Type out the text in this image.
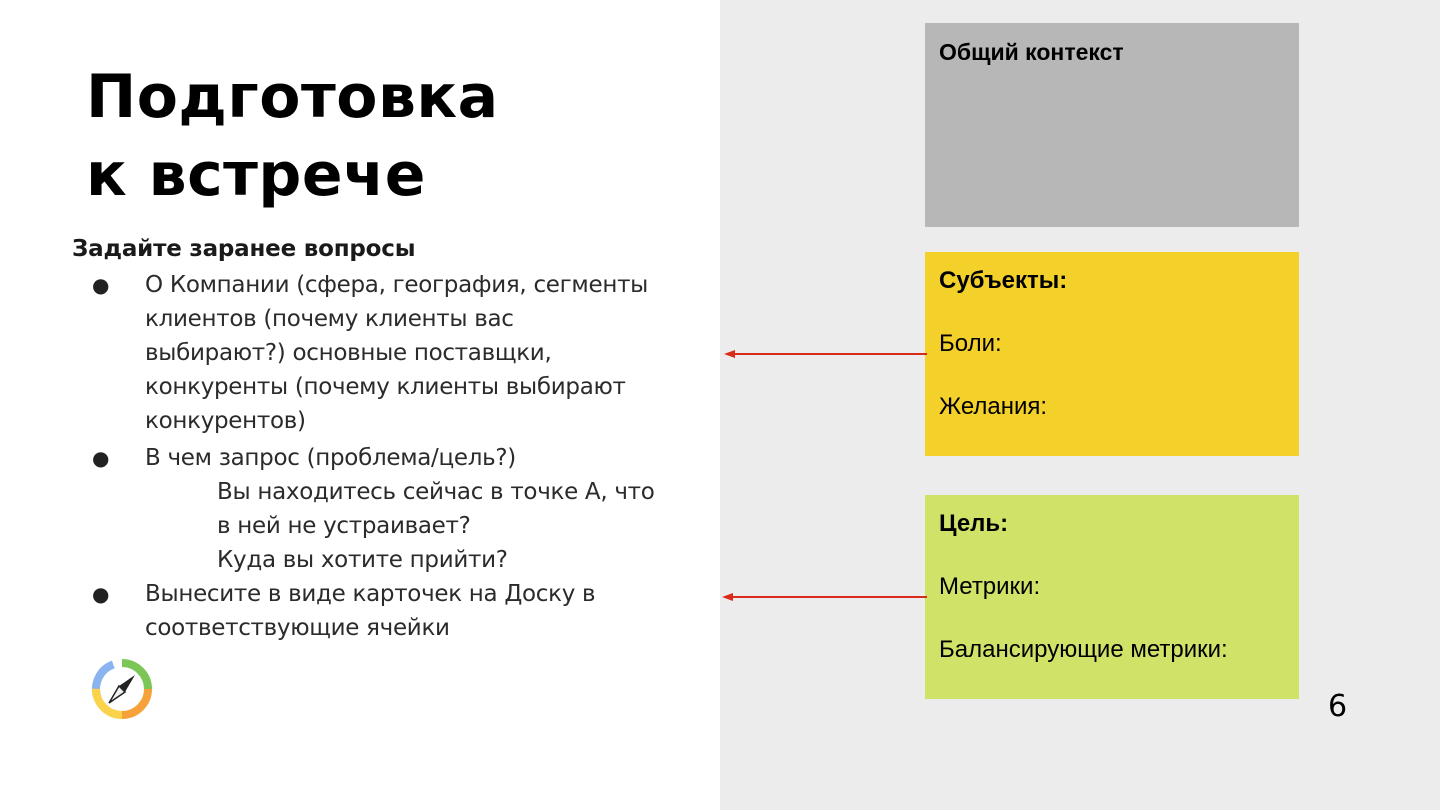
Подготовка
к встрече
Задайте заранее вопросы
● О Компании (сфера, география, сегменты
клиентов (почему клиенты вас
выбирают?) основные поставщки,
конкуренты (почему клиенты выбирают
конкурентов)
● В чем запрос (проблема/цель?)
Вы находитесь сейчас в точке А, что
в ней не устраивает?
Куда вы хотите прийти?
● Вынесите в виде карточек на Доску в
соответствующие ячейки
Общий контекст
Субъекты:
Боли:
Желания:
Цель:
Метрики:
Балансирующие метрики:
6
